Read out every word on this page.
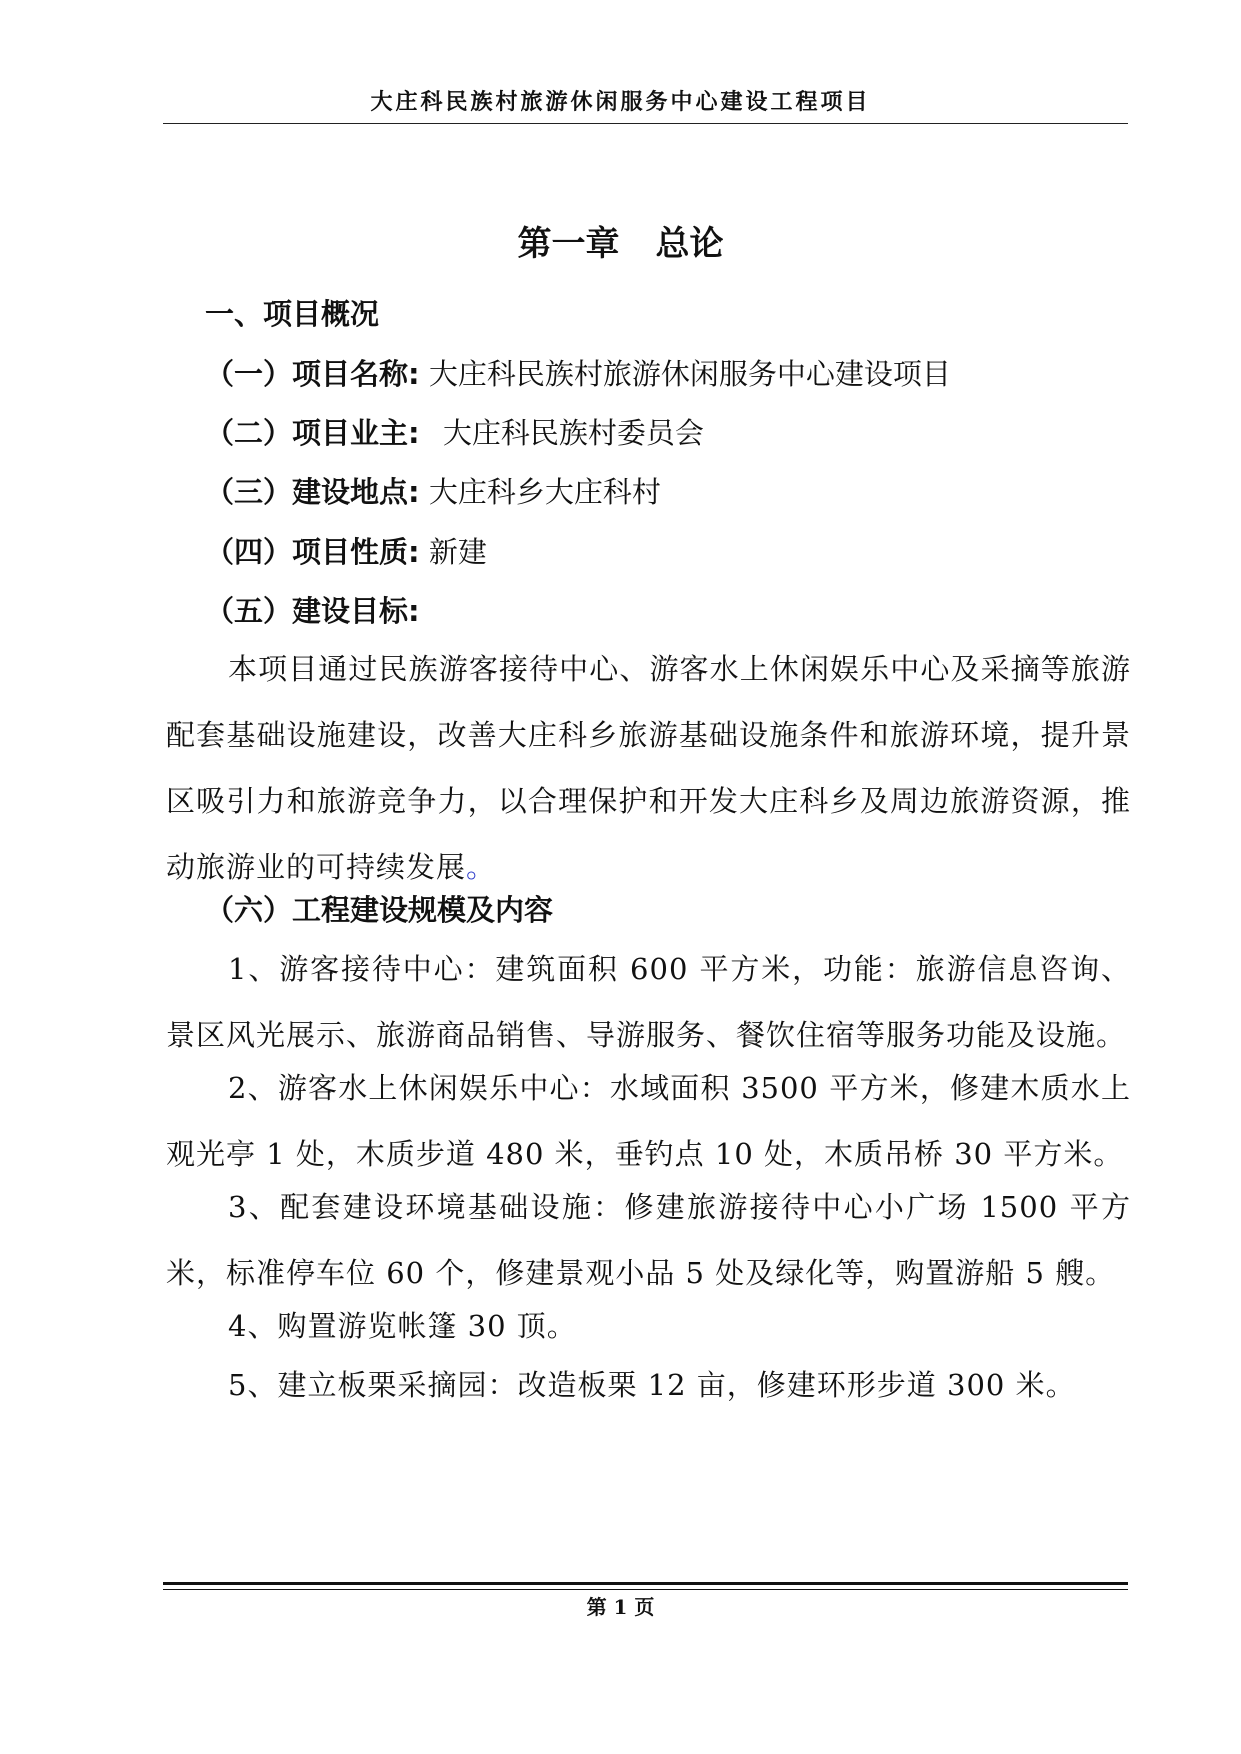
大庄科民族村旅游休闲服务中心建设工程项目
第一章 总论
一、项目概况
（一）项目名称: 大庄科民族村旅游休闲服务中心建设项目
（二）项目业主: 大庄科民族村委员会
（三）建设地点: 大庄科乡大庄科村
（四）项目性质: 新建
（五）建设目标:
本项目通过民族游客接待中心、游客水上休闲娱乐中心及采摘等旅游配套基础设施建设，改善大庄科乡旅游基础设施条件和旅游环境，提升景区吸引力和旅游竞争力，以合理保护和开发大庄科乡及周边旅游资源，推动旅游业的可持续发展。
（六）工程建设规模及内容
1、游客接待中心：建筑面积 600 平方米，功能：旅游信息咨询、景区风光展示、旅游商品销售、导游服务、餐饮住宿等服务功能及设施。
2、游客水上休闲娱乐中心：水域面积 3500 平方米，修建木质水上观光亭 1 处，木质步道 480 米，垂钓点 10 处，木质吊桥 30 平方米。
3、配套建设环境基础设施：修建旅游接待中心小广场 1500 平方米，标准停车位 60 个，修建景观小品 5 处及绿化等，购置游船 5 艘。
4、购置游览帐篷 30 顶。
5、建立板栗采摘园：改造板栗 12 亩，修建环形步道 300 米。
第 1 页
